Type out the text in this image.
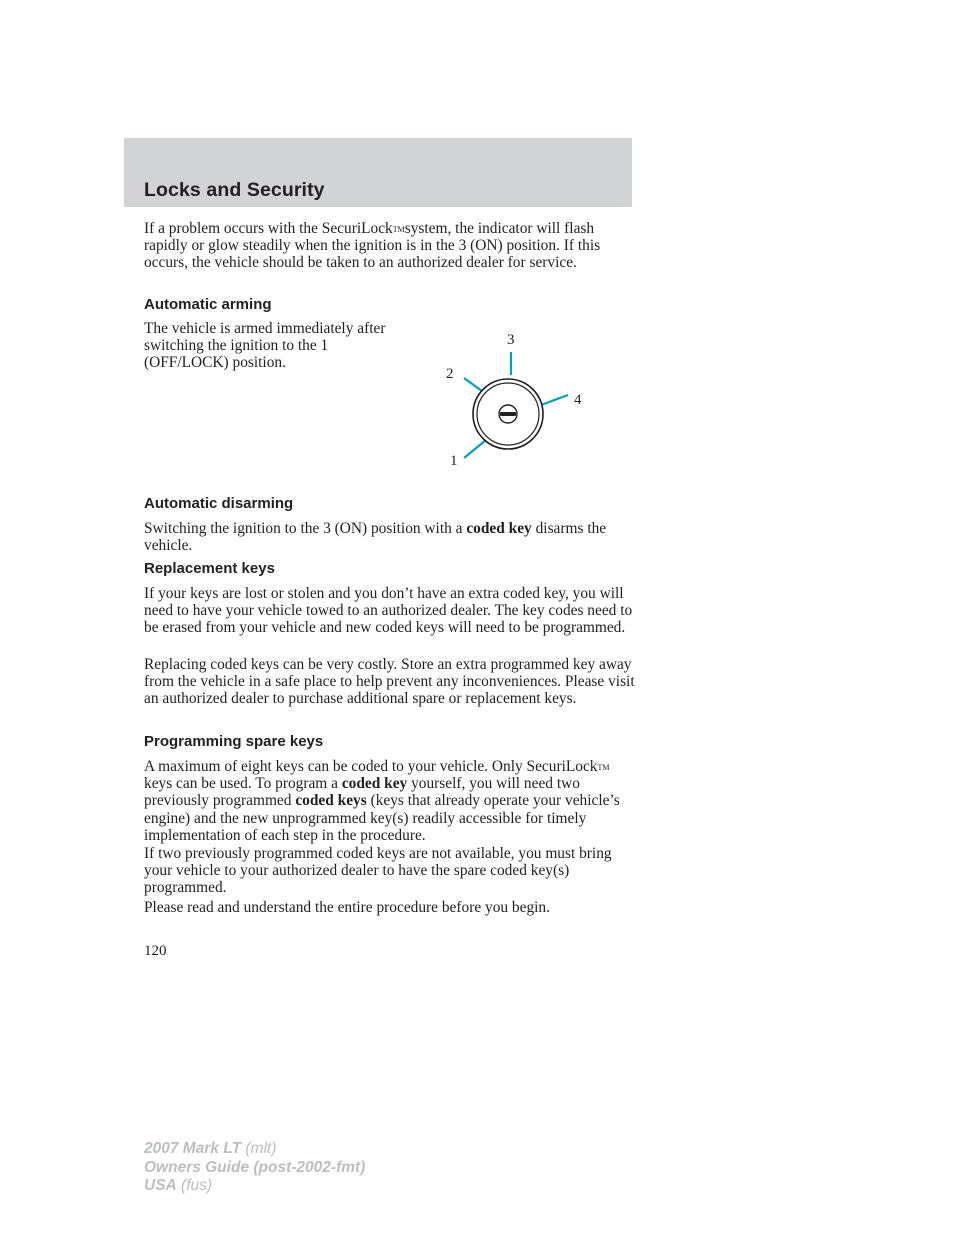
Locks and Security

If a problem occurs with the SecuriLock™system, the indicator will flash rapidly or glow steadily when the ignition is in the 3 (ON) position. If this occurs, the vehicle should be taken to an authorized dealer for service.

Automatic arming

The vehicle is armed immediately after switching the ignition to the 1 (OFF/LOCK) position.

3
2
4
1
Automatic disarming

Switching the ignition to the 3 (ON) position with a coded key disarms the vehicle.

Replacement keys

If your keys are lost or stolen and you don’t have an extra coded key, you will need to have your vehicle towed to an authorized dealer. The key codes need to be erased from your vehicle and new coded keys will need to be programmed.

Replacing coded keys can be very costly. Store an extra programmed key away from the vehicle in a safe place to help prevent any inconveniences. Please visit an authorized dealer to purchase additional spare or replacement keys.

Programming spare keys

A maximum of eight keys can be coded to your vehicle. Only SecuriLock™ keys can be used. To program a coded key yourself, you will need two previously programmed coded keys (keys that already operate your vehicle’s engine) and the new unprogrammed key(s) readily accessible for timely implementation of each step in the procedure.

If two previously programmed coded keys are not available, you must bring your vehicle to your authorized dealer to have the spare coded key(s) programmed.

Please read and understand the entire procedure before you begin.

120
2007 Mark LT (mlt)
Owners Guide (post-2002-fmt)
USA (fus)
